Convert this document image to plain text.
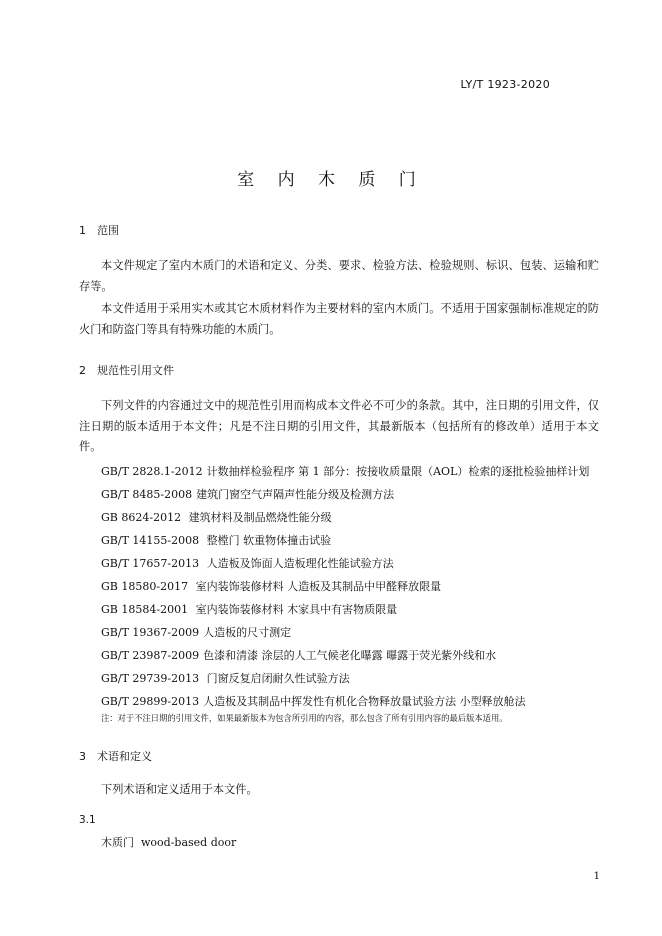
LY/T 1923-2020
室 内 木 质 门
1 范围
本文件规定了室内木质门的术语和定义、分类、要求、检验方法、检验规则、标识、包装、运输和贮存等。
本文件适用于采用实木或其它木质材料作为主要材料的室内木质门。不适用于国家强制标准规定的防火门和防盗门等具有特殊功能的木质门。
2 规范性引用文件
下列文件的内容通过文中的规范性引用而构成本文件必不可少的条款。其中，注日期的引用文件，仅注日期的版本适用于本文件；凡是不注日期的引用文件，其最新版本（包括所有的修改单）适用于本文件。
GB/T 2828.1-2012 计数抽样检验程序 第 1 部分：按接收质量限（AOL）检索的逐批检验抽样计划
GB/T 8485-2008 建筑门窗空气声隔声性能分级及检测方法
GB 8624-2012 建筑材料及制品燃烧性能分级
GB/T 14155-2008 整樘门 软重物体撞击试验
GB/T 17657-2013 人造板及饰面人造板理化性能试验方法
GB 18580-2017 室内装饰装修材料 人造板及其制品中甲醛释放限量
GB 18584-2001 室内装饰装修材料 木家具中有害物质限量
GB/T 19367-2009 人造板的尺寸测定
GB/T 23987-2009 色漆和清漆 涂层的人工气候老化曝露 曝露于荧光紫外线和水
GB/T 29739-2013 门窗反复启闭耐久性试验方法
GB/T 29899-2013 人造板及其制品中挥发性有机化合物释放量试验方法 小型释放舱法
注：对于不注日期的引用文件，如果最新版本为包含所引用的内容，那么包含了所有引用内容的最后版本适用。
3 术语和定义
下列术语和定义适用于本文件。
3.1
木质门 wood-based door
1
